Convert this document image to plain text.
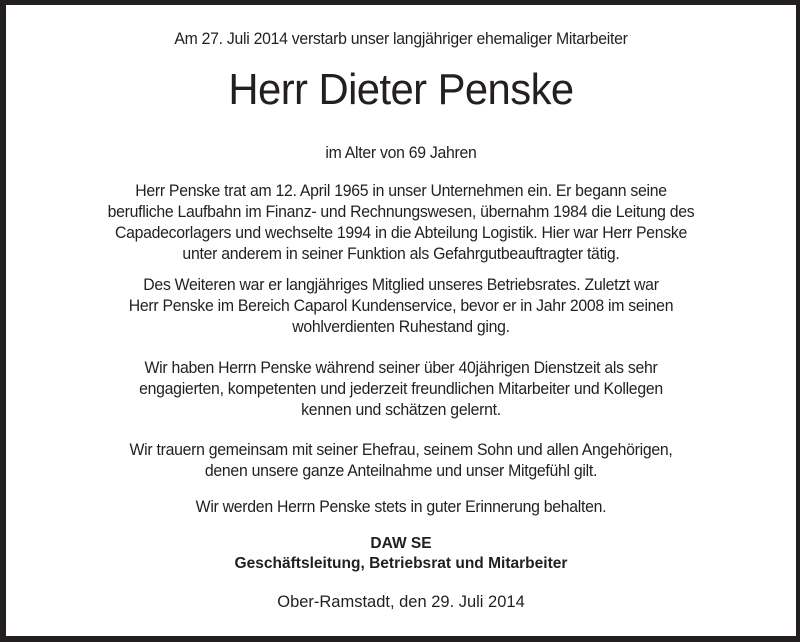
Am 27. Juli 2014 verstarb unser langjähriger ehemaliger Mitarbeiter
Herr Dieter Penske
im Alter von 69 Jahren
Herr Penske trat am 12. April 1965 in unser Unternehmen ein. Er begann seine
berufliche Laufbahn im Finanz- und Rechnungswesen, übernahm 1984 die Leitung des
Capadecorlagers und wechselte 1994 in die Abteilung Logistik. Hier war Herr Penske
unter anderem in seiner Funktion als Gefahrgutbeauftragter tätig.
Des Weiteren war er langjähriges Mitglied unseres Betriebsrates. Zuletzt war
Herr Penske im Bereich Caparol Kundenservice, bevor er in Jahr 2008 im seinen
wohlverdienten Ruhestand ging.
Wir haben Herrn Penske während seiner über 40jährigen Dienstzeit als sehr
engagierten, kompetenten und jederzeit freundlichen Mitarbeiter und Kollegen
kennen und schätzen gelernt.
Wir trauern gemeinsam mit seiner Ehefrau, seinem Sohn und allen Angehörigen,
denen unsere ganze Anteilnahme und unser Mitgefühl gilt.
Wir werden Herrn Penske stets in guter Erinnerung behalten.
DAW SE
Geschäftsleitung, Betriebsrat und Mitarbeiter
Ober-Ramstadt, den 29. Juli 2014
